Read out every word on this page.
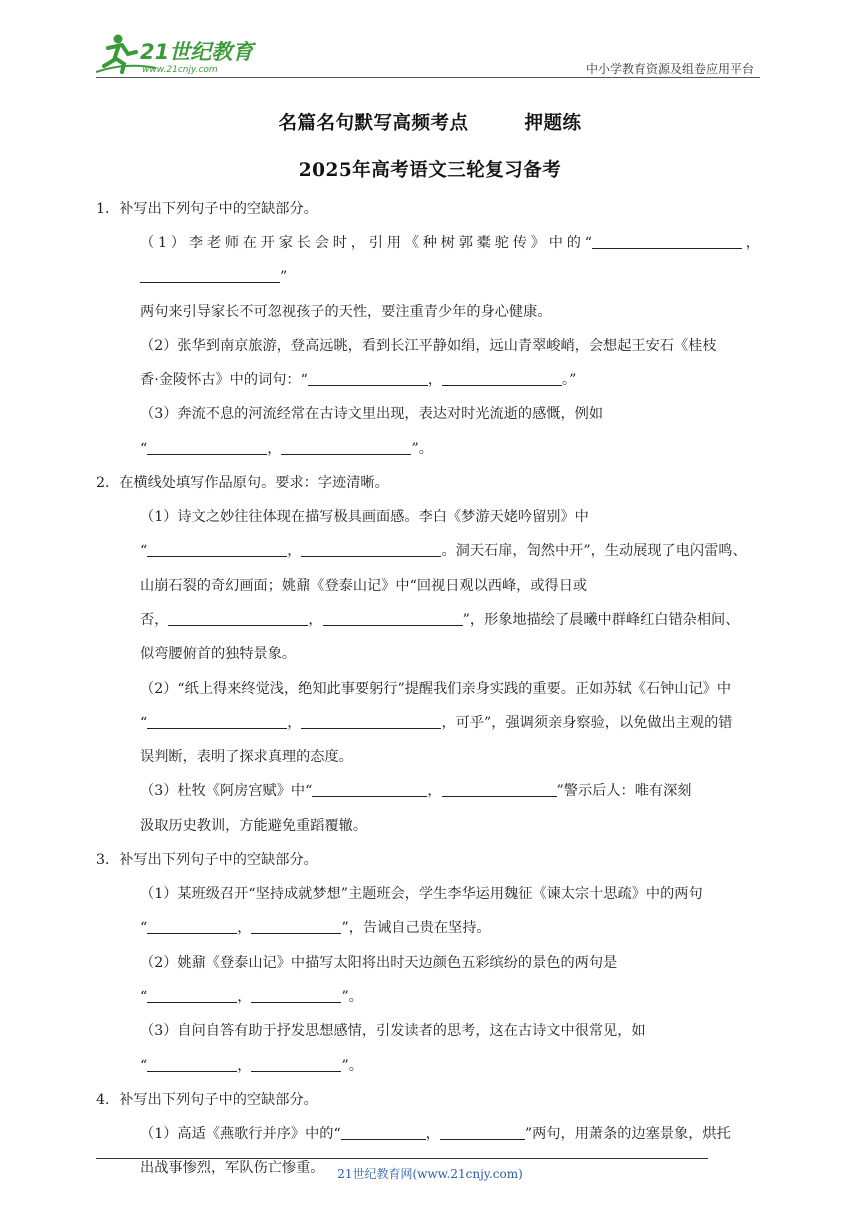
21世纪教育
www.21cnjy.com	中小学教育资源及组卷应用平台
名篇名句默写高频考点	押题练
2025年高考语文三轮复习备考

1．补写出下列句子中的空缺部分。

（1）李老师在开家长会时，引用《种树郭橐驼传》中的“	，”

两句来引导家长不可忽视孩子的天性，要注重青少年的身心健康。

（2）张华到南京旅游，登高远眺，看到长江平静如绢，远山青翠峻峭，会想起王安石《桂枝

香·金陵怀古》中的词句：“	，	。”

（3）奔流不息的河流经常在古诗文里出现，表达对时光流逝的感慨，例如

“	，	”。

2．在横线处填写作品原句。要求：字迹清晰。

（1）诗文之妙往往体现在描写极具画面感。李白《梦游天姥吟留别》中

“	，	。洞天石扉，訇然中开”，生动展现了电闪雷鸣、

山崩石裂的奇幻画面；姚鼐《登泰山记》中“回视日观以西峰，或得日或

否，	，	”，形象地描绘了晨曦中群峰红白错杂相间、

似弯腰俯首的独特景象。

（2）“纸上得来终觉浅，绝知此事要躬行”提醒我们亲身实践的重要。正如苏轼《石钟山记》中

“	，	，可乎”，强调须亲身察验，以免做出主观的错

误判断，表明了探求真理的态度。

（3）杜牧《阿房宫赋》中“	，	”警示后人：唯有深刻

汲取历史教训，方能避免重蹈覆辙。

3．补写出下列句子中的空缺部分。

（1）某班级召开“坚持成就梦想”主题班会，学生李华运用魏征《谏太宗十思疏》中的两句

“	，	”，告诫自己贵在坚持。

（2）姚鼐《登泰山记》中描写太阳将出时天边颜色五彩缤纷的景色的两句是

“	，	”。

（3）自问自答有助于抒发思想感情，引发读者的思考，这在古诗文中很常见，如

“	，	”。

4．补写出下列句子中的空缺部分。

（1）高适《燕歌行并序》中的“	，	”两句，用萧条的边塞景象，烘托

出战事惨烈，军队伤亡惨重。	21世纪教育网(www.21cnjy.com)
